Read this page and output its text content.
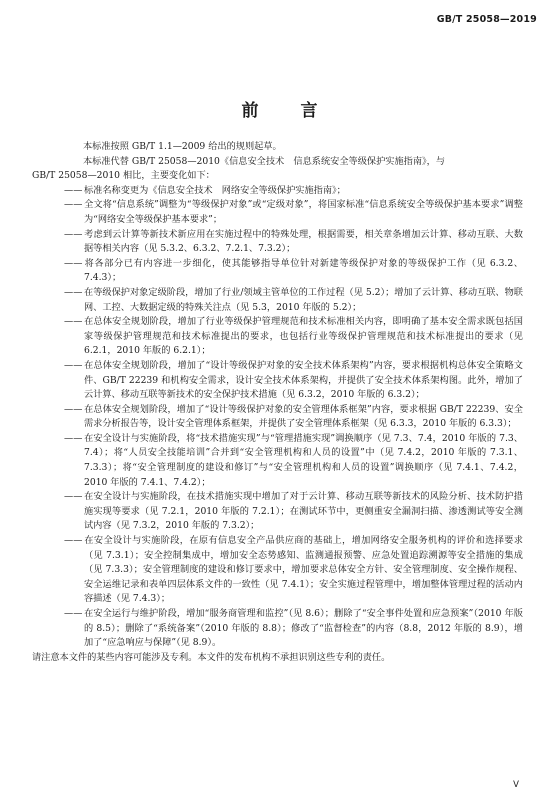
GB/T 25058—2019
前 言

本标准按照 GB/T 1.1—2009 给出的规则起草。

本标准代替 GB/T 25058—2010《信息安全技术　信息系统安全等级保护实施指南》，与

GB/T 25058—2010 相比，主要变化如下：

—— 标准名称变更为《信息安全技术　网络安全等级保护实施指南》；
—— 全文将“信息系统”调整为“等级保护对象”或“定级对象”，将国家标准“信息系统安全等级保护基本要求”调整为“网络安全等级保护基本要求”；
—— 考虑到云计算等新技术新应用在实施过程中的特殊处理，根据需要，相关章条增加云计算、移动互联、大数据等相关内容（见 5.3.2、6.3.2、7.2.1、7.3.2）；
—— 将各部分已有内容进一步细化，使其能够指导单位针对新建等级保护对象的等级保护工作（见 6.3.2、7.4.3）；
—— 在等级保护对象定级阶段，增加了行业/领域主管单位的工作过程（见 5.2）；增加了云计算、移动互联、物联网、工控、大数据定级的特殊关注点（见 5.3，2010 年版的 5.2）；
—— 在总体安全规划阶段，增加了行业等级保护管理规范和技术标准相关内容，即明确了基本安全需求既包括国家等级保护管理规范和技术标准提出的要求，也包括行业等级保护管理规范和技术标准提出的要求（见 6.2.1，2010 年版的 6.2.1）；
—— 在总体安全规划阶段，增加了“设计等级保护对象的安全技术体系架构”内容，要求根据机构总体安全策略文件、GB/T 22239 和机构安全需求，设计安全技术体系架构，并提供了安全技术体系架构图。此外，增加了云计算、移动互联等新技术的安全保护技术措施（见 6.3.2，2010 年版的 6.3.2）；
—— 在总体安全规划阶段，增加了“设计等级保护对象的安全管理体系框架”内容，要求根据 GB/T 22239、安全需求分析报告等，设计安全管理体系框架，并提供了安全管理体系框架（见 6.3.3，2010 年版的 6.3.3）；
—— 在安全设计与实施阶段，将“技术措施实现”与“管理措施实现”调换顺序（见 7.3、7.4，2010 年版的 7.3、7.4）；将“人员安全技能培训”合并到“安全管理机构和人员的设置”中（见 7.4.2，2010 年版的 7.3.1、7.3.3）；将“安全管理制度的建设和修订”与“安全管理机构和人员的设置”调换顺序（见 7.4.1、7.4.2，2010 年版的 7.4.1、7.4.2）；
—— 在安全设计与实施阶段，在技术措施实现中增加了对于云计算、移动互联等新技术的风险分析、技术防护措施实现等要求（见 7.2.1，2010 年版的 7.2.1）；在测试环节中，更侧重安全漏洞扫描、渗透测试等安全测试内容（见 7.3.2，2010 年版的 7.3.2）；
—— 在安全设计与实施阶段，在原有信息安全产品供应商的基础上，增加网络安全服务机构的评价和选择要求（见 7.3.1）；安全控制集成中，增加安全态势感知、监测通报预警、应急处置追踪溯源等安全措施的集成（见 7.3.3）；安全管理制度的建设和修订要求中，增加要求总体安全方针、安全管理制度、安全操作规程、安全运维记录和表单四层体系文件的一致性（见 7.4.1）；安全实施过程管理中，增加整体管理过程的活动内容描述（见 7.4.3）；
—— 在安全运行与维护阶段，增加“服务商管理和监控”（见 8.6）；删除了“安全事件处置和应急预案”（2010 年版的 8.5）；删除了“系统备案”（2010 年版的 8.8）；修改了“监督检查”的内容（8.8，2012 年版的 8.9），增加了“应急响应与保障”（见 8.9）。

请注意本文件的某些内容可能涉及专利。本文件的发布机构不承担识别这些专利的责任。

V
